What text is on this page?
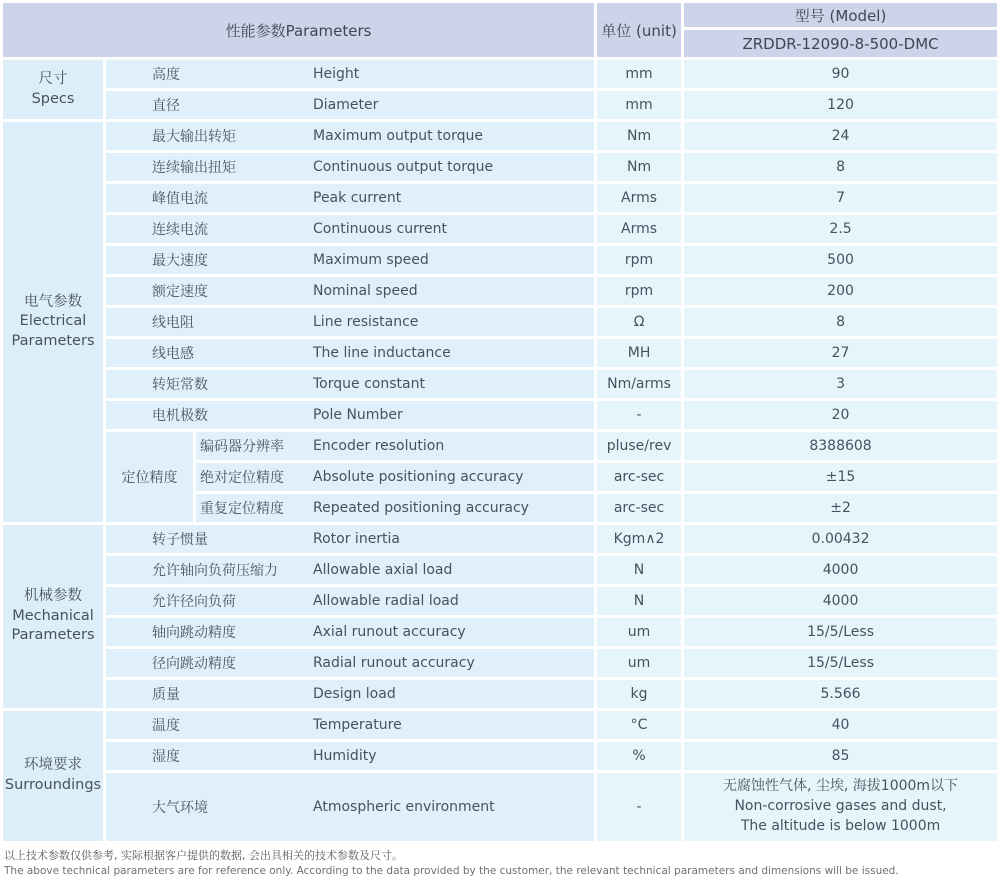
性能参数Parameters			单位 (unit)	型号 (Model)
				ZRDDR-12090-8-500-DMC

尺寸
Specs	高度 Height		mm	90

	直径 Diameter		mm	120

电气参数
Electrical Parameters	最大输出转矩 Maximum output torque		Nm	24

	连续输出扭矩 Continuous output torque		Nm	8

	峰值电流 Peak current		Arms	7

	连续电流 Continuous current		Arms	2.5

	最大速度 Maximum speed		rpm	500

	额定速度 Nominal speed		rpm	200

	线电阻 Line resistance		Ω	8

	线电感 The line inductance		MH	27

	转矩常数 Torque constant		Nm/arms	3

	电机极数 Pole Number		-	20
	定位精度	编码器分辨率 Encoder resolution	pluse/rev	8388608

		绝对定位精度 Absolute positioning accuracy	arc-sec	±15

		重复定位精度 Repeated positioning accuracy	arc-sec	±2

机械参数
Mechanical Parameters	转子惯量 Rotor inertia		Kgm∧2	0.00432

	允许轴向负荷压缩力 Allowable axial load		N	4000

	允许径向负荷 Allowable radial load		N	4000

	轴向跳动精度 Axial runout accuracy		um	15/5/Less

	径向跳动精度 Radial runout accuracy		um	15/5/Less

	质量 Design load		kg	5.566

环境要求
Surroundings	温度 Temperature		°C	40

	湿度 Humidity		%	85

	大气环境 Atmospheric environment		-	无腐蚀性气体, 尘埃, 海拔1000m以下
Non-corrosive gases and dust,
The altitude is below 1000m
以上技术参数仅供参考, 实际根据客户提供的数据, 会出具相关的技术参数及尺寸。
The above technical parameters are for reference only. According to the data provided by the customer, the relevant technical parameters and dimensions will be issued.
